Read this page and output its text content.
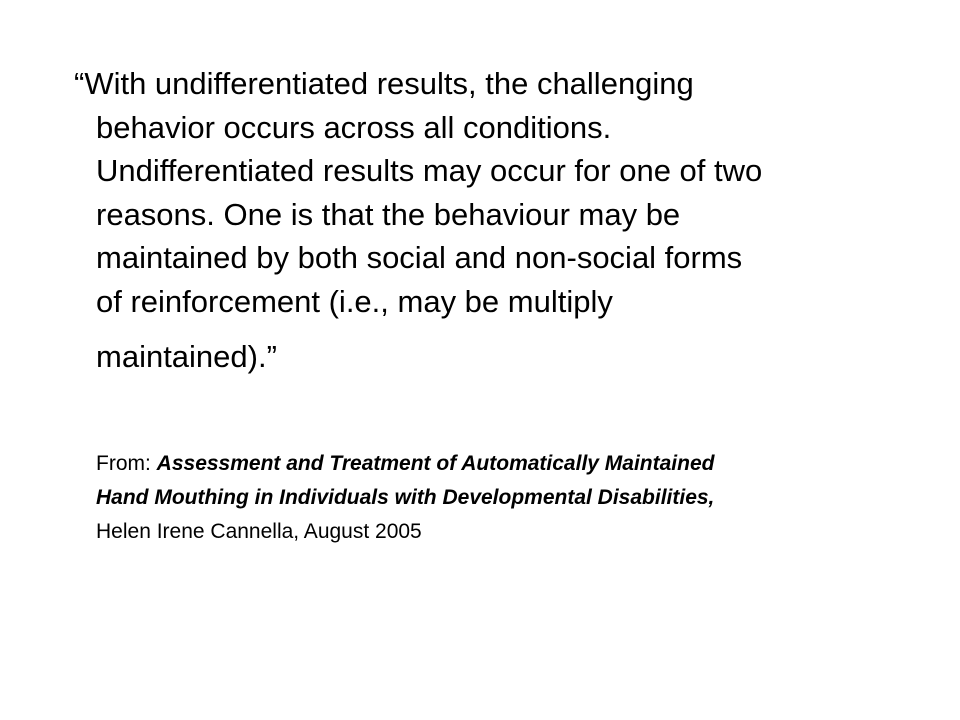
“With undifferentiated results, the challenging
behavior occurs across all conditions.
Undifferentiated results may occur for one of two
reasons. One is that the behaviour may be
maintained by both social and non-social forms
of reinforcement (i.e., may be multiply
maintained).”

From: Assessment and Treatment of Automatically Maintained
Hand Mouthing in Individuals with Developmental Disabilities,
Helen Irene Cannella, August 2005
